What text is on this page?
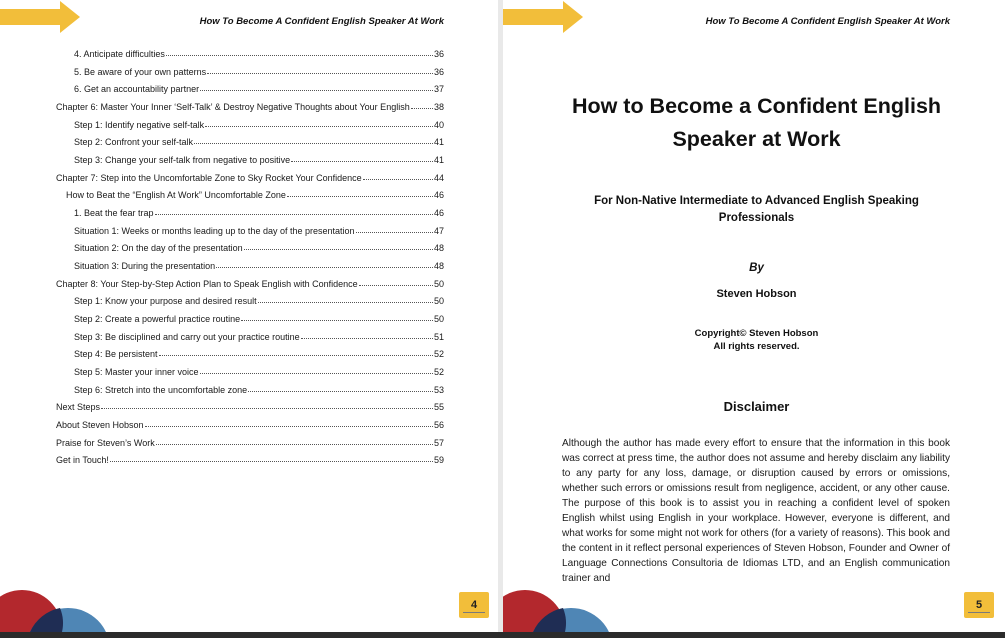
How To Become A Confident English Speaker At Work
4. Anticipate difficulties	36
5. Be aware of your own patterns	36
6. Get an accountability partner	37
Chapter 6: Master Your Inner ‘Self-Talk’ & Destroy Negative Thoughts about Your English	38
Step 1: Identify negative self-talk	40
Step 2: Confront your self-talk	41
Step 3: Change your self-talk from negative to positive	41
Chapter 7: Step into the Uncomfortable Zone to Sky Rocket Your Confidence	44
How to Beat the “English At Work” Uncomfortable Zone	46
1. Beat the fear trap	46
Situation 1: Weeks or months leading up to the day of the presentation	47
Situation 2: On the day of the presentation	48
Situation 3: During the presentation	48
Chapter 8: Your Step-by-Step Action Plan to Speak English with Confidence	50
Step 1: Know your purpose and desired result	50
Step 2: Create a powerful practice routine	50
Step 3: Be disciplined and carry out your practice routine	51
Step 4: Be persistent	52
Step 5: Master your inner voice	52
Step 6: Stretch into the uncomfortable zone	53
Next Steps	55
About Steven Hobson	56
Praise for Steven’s Work	57
Get in Touch!	59
4
How To Become A Confident English Speaker At Work
How to Become a Confident English Speaker at Work
For Non-Native Intermediate to Advanced English Speaking Professionals
By
Steven Hobson
Copyright© Steven Hobson
All rights reserved.
Disclaimer

Although the author has made every effort to ensure that the information in this book was correct at press time, the author does not assume and hereby disclaim any liability to any party for any loss, damage, or disruption caused by errors or omissions, whether such errors or omissions result from negligence, accident, or any other cause. The purpose of this book is to assist you in reaching a confident level of spoken English whilst using English in your workplace. However, everyone is different, and what works for some might not work for others (for a variety of reasons). This book and the content in it reflect personal experiences of Steven Hobson, Founder and Owner of Language Connections Consultoria de Idiomas LTD, and an English communication trainer and

5
